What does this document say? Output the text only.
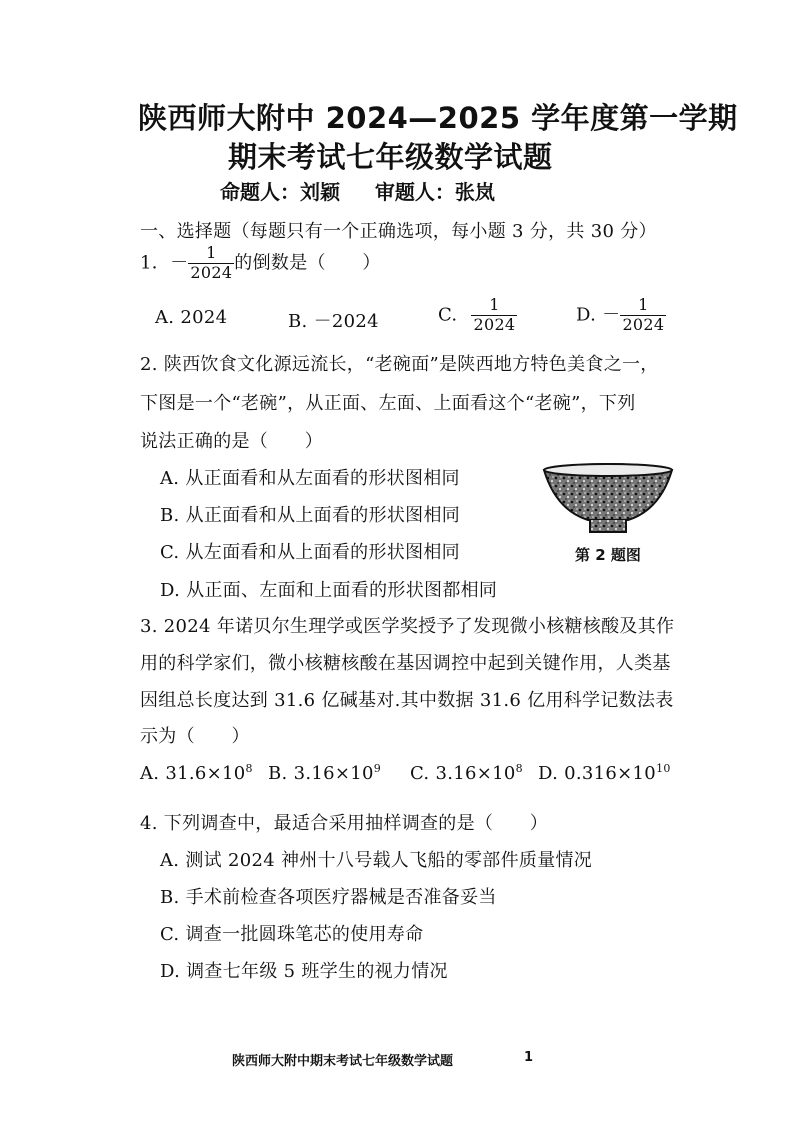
陕西师大附中 2024—2025 学年度第一学期
期末考试七年级数学试题
命题人：刘颖     审题人：张岚
一、选择题（每题只有一个正确选项，每小题 3 分，共 30 分）
1．－ $\frac{1}{2024}$ 的倒数是（　　）
A. 2024	B. －2024	C. $\frac{1}{2024}$	D. － $\frac{1}{2024}$
2. 陕西饮食文化源远流长，“老碗面”是陕西地方特色美食之一，
下图是一个“老碗”，从正面、左面、上面看这个“老碗”，下列
说法正确的是（　　）
A. 从正面看和从左面看的形状图相同
B. 从正面看和从上面看的形状图相同
C. 从左面看和从上面看的形状图相同
D. 从正面、左面和上面看的形状图都相同
第 2 题图
3. 2024 年诺贝尔生理学或医学奖授予了发现微小核糖核酸及其作
用的科学家们，微小核糖核酸在基因调控中起到关键作用，人类基
因组总长度达到 31.6 亿碱基对.其中数据 31.6 亿用科学记数法表
示为（　　）
A. $31.6\times 10^8$ B. $3.16\times 10^9$ C. $3.16\times 10^8$ D. $0.316\times 10^{10}$
4. 下列调查中，最适合采用抽样调查的是（　　）
A. 测试 2024 神州十八号载人飞船的零部件质量情况
B. 手术前检查各项医疗器械是否准备妥当
C. 调查一批圆珠笔芯的使用寿命
D. 调查七年级 5 班学生的视力情况
陕西师大附中期末考试七年级数学试题	1
